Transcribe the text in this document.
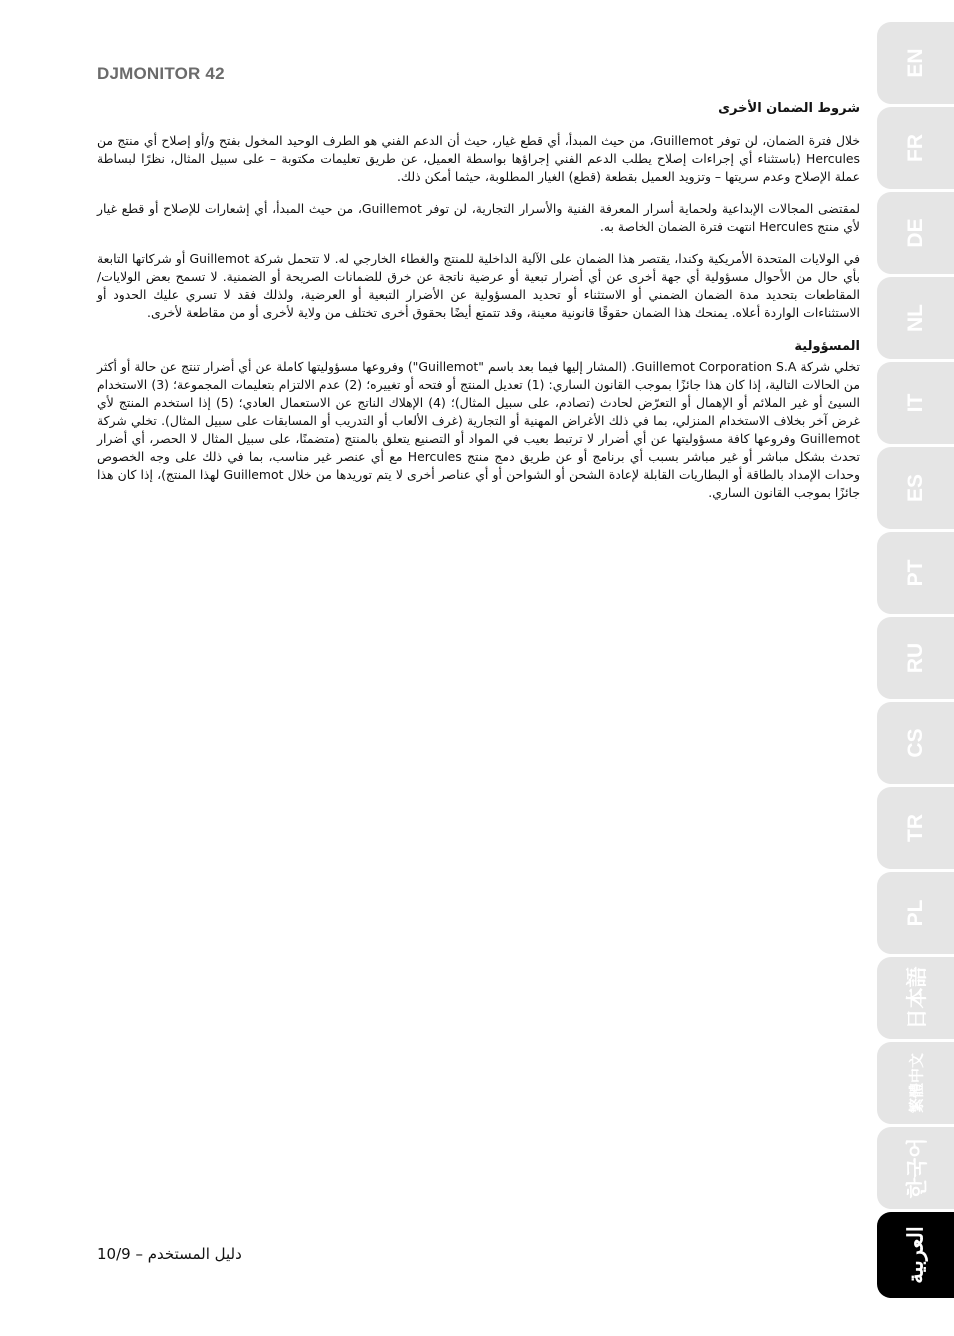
DJMONITOR 42
شروط الضمان الأخرى

خلال فترة الضمان، لن توفر Guillemot، من حيث المبدأ، أي قطع غيار، حيث أن الدعم الفني هو الطرف الوحيد المخول بفتح و/أو إصلاح أي منتج من Hercules (باستثناء أي إجراءات إصلاح يطلب الدعم الفني إجراؤها بواسطة العميل، عن طريق تعليمات مكتوبة – على سبيل المثال، نظرًا لبساطة عملة الإصلاح وعدم سريتها – وتزويد العميل بقطعة (قطع) الغيار المطلوبة، حيثما أمكن ذلك.

لمقتضى المجالات الإبداعية ولحماية أسرار المعرفة الفنية والأسرار التجارية، لن توفر Guillemot، من حيث المبدأ، أي إشعارات للإصلاح أو قطع غيار لأي منتج Hercules انتهت فترة الضمان الخاصة به.

في الولايات المتحدة الأمريكية وكندا، يقتصر هذا الضمان على الآلية الداخلية للمنتج والغطاء الخارجي له. لا تتحمل شركة Guillemot أو شركاتها التابعة بأي حال من الأحوال مسؤولية أي جهة أخرى عن أي أضرار تبعية أو عرضية ناتجة عن خرق للضمانات الصريحة أو الضمنية. لا تسمح بعض الولايات/المقاطعات بتحديد مدة الضمان الضمني أو الاستثناء أو تحديد المسؤولية عن الأضرار التبعية أو العرضية، ولذلك فقد لا تسري عليك الحدود أو الاستثناءات الواردة أعلاه. يمنحك هذا الضمان حقوقًا قانونية معينة، وقد تتمتع أيضًا بحقوق أخرى تختلف من ولاية لأخرى أو من مقاطعة لأخرى.

المسؤولية

تخلي شركة Guillemot Corporation S.A. (المشار إليها فيما بعد باسم "Guillemot") وفروعها مسؤوليتها كاملة عن أي أضرار تنتج عن حالة أو أكثر من الحالات التالية، إذا كان هذا جائزًا بموجب القانون الساري: (1) تعديل المنتج أو فتحه أو تغييره؛ (2) عدم الالتزام بتعليمات المجموعة؛ (3) الاستخدام السيئ أو غير الملائم أو الإهمال أو التعرّض لحادث (تصادم، على سبيل المثال)؛ (4) الإهلاك الناتج عن الاستعمال العادي؛ (5) إذا استخدم المنتج لأي غرض آخر بخلاف الاستخدام المنزلي، بما في ذلك الأغراض المهنية أو التجارية (غرف الألعاب أو التدريب أو المسابقات على سبيل المثال). تخلي شركة Guillemot وفروعها كافة مسؤوليتها عن أي أضرار لا ترتبط بعيب في المواد أو التصنيع يتعلق بالمنتج (متضمنًا، على سبيل المثال لا الحصر، أي أضرار تحدث بشكل مباشر أو غير مباشر بسبب أي برنامج أو عن طريق دمج منتج Hercules مع أي عنصر غير مناسب، بما في ذلك على وجه الخصوص وحدات الإمداد بالطاقة أو البطاريات القابلة لإعادة الشحن أو الشواحن أو أي عناصر أخرى لا يتم توريدها من خلال Guillemot لهذا المنتج)، إذا كان هذا جائزًا بموجب القانون الساري.

دليل المستخدم – 10/9
EN
FR
DE
NL
IT
ES
PT
RU
CS
TR
PL
日本語
繁體中文
한국어
العربية
